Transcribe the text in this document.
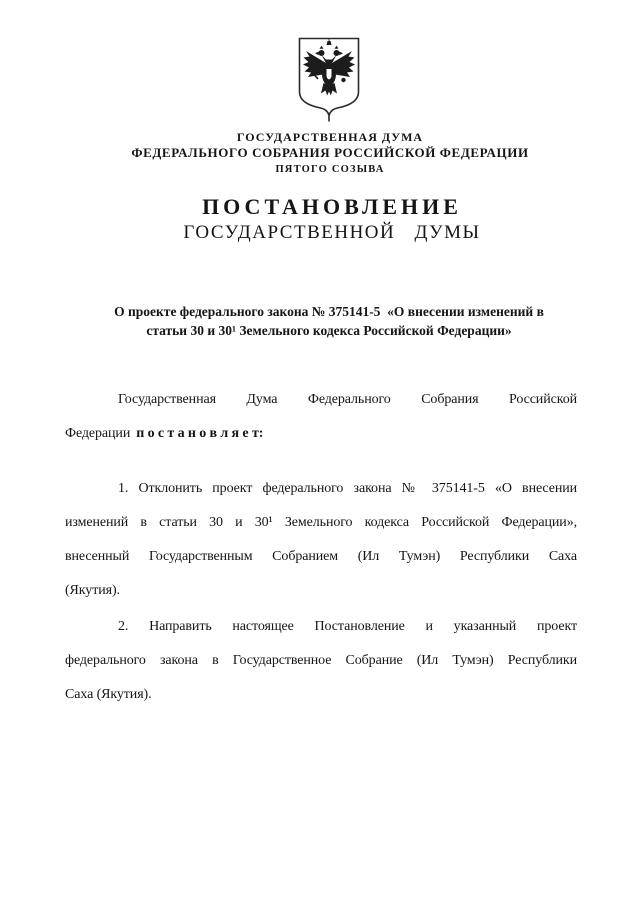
ГОСУДАРСТВЕННАЯ ДУМА
ФЕДЕРАЛЬНОГО СОБРАНИЯ РОССИЙСКОЙ ФЕДЕРАЦИИ
ПЯТОГО СОЗЫВА
ПОСТАНОВЛЕНИЕ
ГОСУДАРСТВЕННОЙ ДУМЫ
О проекте федерального закона № 375141-5  «О внесении изменений в
статьи 30 и 30¹ Земельного кодекса Российской Федерации»
Государственная Дума Федерального Собрания Российской
Федерации п о с т а н о в л я е т:
1. Отклонить проект федерального закона № 375141-5 «О внесении
изменений в статьи 30 и 30¹ Земельного кодекса Российской Федерации»,
внесенный Государственным Собранием (Ил Тумэн) Республики Саха
(Якутия).
2. Направить настоящее Постановление и указанный проект
федерального закона в Государственное Собрание (Ил Тумэн) Республики
Саха (Якутия).
